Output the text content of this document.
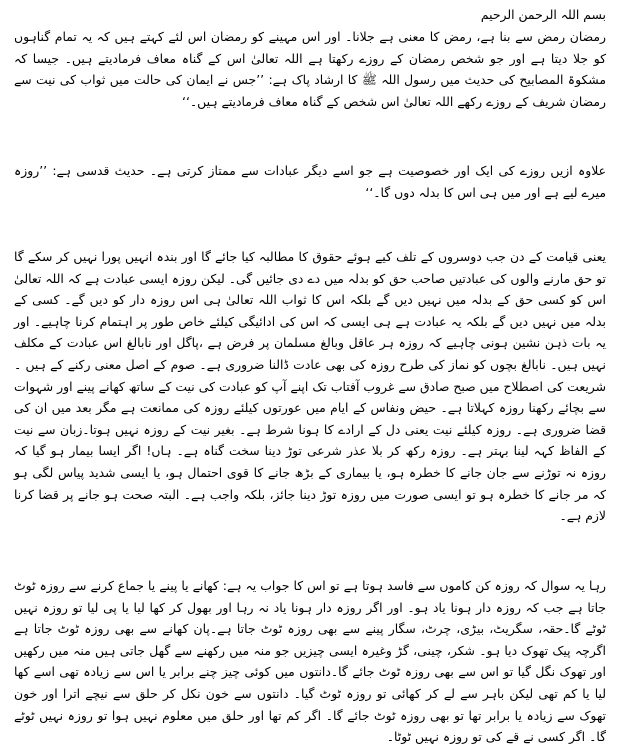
بسم اللہ الرحمن الرحیم

رمضان رمض سے بنا ہے، رمض کا معنی ہے جلانا۔ اور اس مہینے کو رمضان اس لئے کہتے ہیں کہ یہ تمام گناہوں کو جلا دیتا ہے اور جو شخص رمضان کے روزے رکھتا ہے اللہ تعالیٰ اس کے گناہ معاف فرمادیتے ہیں۔ جیسا کہ مشکوۃ المصابیح کی حدیث میں رسول اللہ ﷺ کا ارشاد پاک ہے: ’’جس نے ایمان کی حالت میں ثواب کی نیت سے رمضان شریف کے روزے رکھے اللہ تعالیٰ اس شخص کے گناہ معاف فرمادیتے ہیں۔‘‘

علاوہ ازیں روزے کی ایک اور خصوصیت ہے جو اسے دیگر عبادات سے ممتاز کرتی ہے۔ حدیث قدسی ہے: ’’روزہ میرے لیے ہے اور میں ہی اس کا بدلہ دوں گا۔‘‘

یعنی قیامت کے دن جب دوسروں کے تلف کیے ہوئے حقوق کا مطالبہ کیا جائے گا اور بندہ انہیں پورا نہیں کر سکے گا تو حق مارنے والوں کی عبادتیں صاحب حق کو بدلہ میں دے دی جائیں گی۔ لیکن روزہ ایسی عبادت ہے کہ اللہ تعالیٰ اس کو کسی حق کے بدلہ میں نہیں دیں گے بلکہ اس کا ثواب اللہ تعالیٰ ہی اس روزہ دار کو دیں گے۔ کسی کے بدلہ میں نہیں دیں گے بلکہ یہ عبادت ہے ہی ایسی کہ اس کی ادائیگی کیلئے خاص طور پر اہتمام کرنا چاہیے۔ اور یہ بات ذہن نشین ہونی چاہیے کہ روزہ ہر عاقل وبالغ مسلمان پر فرض ہے ،پاگل اور نابالغ اس عبادت کے مکلف نہیں ہیں۔ نابالغ بچوں کو نماز کی طرح روزہ کی بھی عادت ڈالنا ضروری ہے۔ صوم کے اصل معنی رکنے کے ہیں ۔شریعت کی اصطلاح میں صبح صادق سے غروب آفتاب تک اپنے آپ کو عبادت کی نیت کے ساتھ کھانے پینے اور شہوات سے بچائے رکھنا روزہ کہلاتا ہے۔ حیض ونفاس کے ایام میں عورتوں کیلئے روزہ کی ممانعت ہے مگر بعد میں ان کی قضا ضروری ہے۔ روزہ کیلئے نیت یعنی دل کے ارادے کا ہونا شرط ہے۔ بغیر نیت کے روزہ نہیں ہوتا۔زبان سے نیت کے الفاظ کہہ لینا بہتر ہے۔ روزہ رکھ کر بلا عذر شرعی توڑ دینا سخت گناہ ہے۔ ہاں! اگر ایسا بیمار ہو گیا کہ روزہ نہ توڑنے سے جان جانے کا خطرہ ہو، یا بیماری کے بڑھ جانے کا قوی احتمال ہو، یا ایسی شدید پیاس لگی ہو کہ مر جانے کا خطرہ ہو تو ایسی صورت میں روزہ توڑ دینا جائز، بلکہ واجب ہے۔ البتہ صحت ہو جانے پر قضا کرنا لازم ہے۔

رہا یہ سوال کہ روزہ کن کاموں سے فاسد ہوتا ہے تو اس کا جواب یہ ہے: کھانے یا پینے یا جماع کرنے سے روزہ ٹوٹ جاتا ہے جب کہ روزہ دار ہونا یاد ہو۔ اور اگر روزہ دار ہونا یاد نہ رہا اور بھول کر کھا لیا یا پی لیا تو روزہ نہیں ٹوٹے گا۔حقہ، سگریٹ، بیڑی، چرٹ، سگار پینے سے بھی روزہ ٹوٹ جاتا ہے۔پان کھانے سے بھی روزہ ٹوٹ جاتا ہے اگرچہ پیک تھوک دیا ہو۔ شکر، چینی، گڑ وغیرہ ایسی چیزیں جو منہ میں رکھنے سے گھل جاتی ہیں منہ میں رکھیں اور تھوک نگل گیا تو اس سے بھی روزہ ٹوٹ جائے گا۔دانتوں میں کوئی چیز چنے برابر یا اس سے زیادہ تھی اسے کھا لیا یا کم تھی لیکن باہر سے لے کر کھائی تو روزہ ٹوٹ گیا۔ دانتوں سے خون نکل کر حلق سے نیچے اترا اور خون تھوک سے زیادہ یا برابر تھا تو بھی روزہ ٹوٹ جائے گا۔ اگر کم تھا اور حلق میں معلوم نہیں ہوا تو روزہ نہیں ٹوٹے گا۔ اگر کسی نے قے کی تو روزہ نہیں ٹوٹا۔
